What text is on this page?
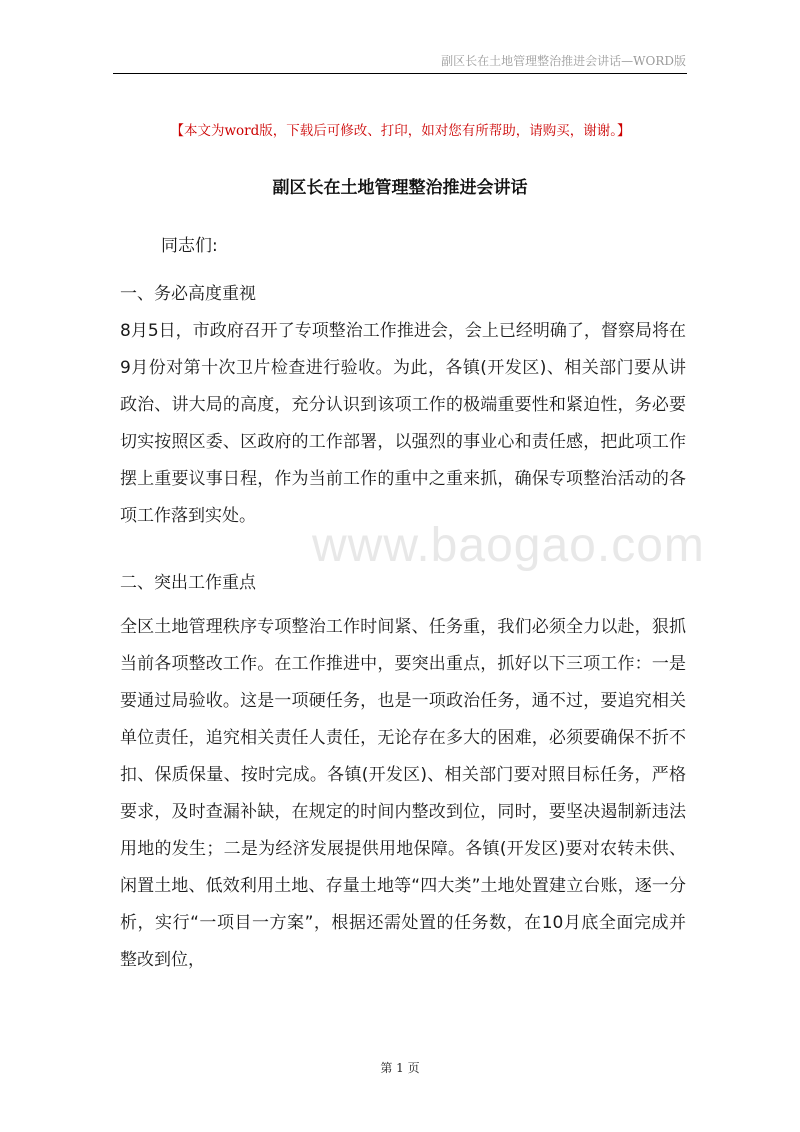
副区长在土地管理整治推进会讲话—WORD版
【本文为word版，下载后可修改、打印，如对您有所帮助，请购买，谢谢。】
副区长在土地管理整治推进会讲话
同志们:
一、务必高度重视
8月5日，市政府召开了专项整治工作推进会，会上已经明确了，督察局将在9月份对第十次卫片检查进行验收。为此，各镇(开发区)、相关部门要从讲政治、讲大局的高度，充分认识到该项工作的极端重要性和紧迫性，务必要切实按照区委、区政府的工作部署，以强烈的事业心和责任感，把此项工作摆上重要议事日程，作为当前工作的重中之重来抓，确保专项整治活动的各项工作落到实处。
二、突出工作重点
全区土地管理秩序专项整治工作时间紧、任务重，我们必须全力以赴，狠抓当前各项整改工作。在工作推进中，要突出重点，抓好以下三项工作：一是要通过局验收。这是一项硬任务，也是一项政治任务，通不过，要追究相关单位责任，追究相关责任人责任，无论存在多大的困难，必须要确保不折不扣、保质保量、按时完成。各镇(开发区)、相关部门要对照目标任务，严格要求，及时查漏补缺，在规定的时间内整改到位，同时，要坚决遏制新违法用地的发生；二是为经济发展提供用地保障。各镇(开发区)要对农转未供、闲置土地、低效利用土地、存量土地等“四大类”土地处置建立台账，逐一分析，实行“一项目一方案”，根据还需处置的任务数，在10月底全面完成并整改到位，
www.baogao.com
第 1 页
